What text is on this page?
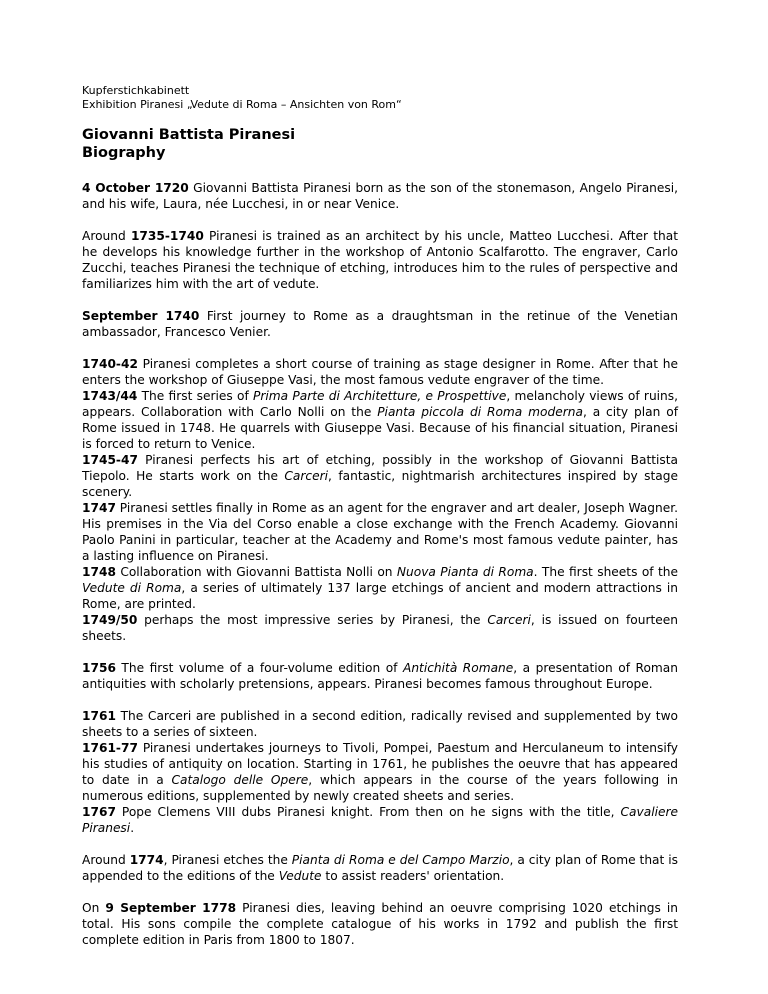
Kupferstichkabinett
Exhibition Piranesi „Vedute di Roma – Ansichten von Rom“
Giovanni Battista Piranesi
Biography

4 October 1720 Giovanni Battista Piranesi born as the son of the stonemason, Angelo Piranesi, and his wife, Laura, née Lucchesi, in or near Venice.

Around 1735-1740 Piranesi is trained as an architect by his uncle, Matteo Lucchesi. After that he develops his knowledge further in the workshop of Antonio Scalfarotto. The engraver, Carlo Zucchi, teaches Piranesi the technique of etching, introduces him to the rules of perspective and familiarizes him with the art of vedute.

September 1740 First journey to Rome as a draughtsman in the retinue of the Venetian ambassador, Francesco Venier.

1740-42 Piranesi completes a short course of training as stage designer in Rome. After that he enters the workshop of Giuseppe Vasi, the most famous vedute engraver of the time.

1743/44 The first series of Prima Parte di Architetture, e Prospettive, melancholy views of ruins, appears. Collaboration with Carlo Nolli on the Pianta piccola di Roma moderna, a city plan of Rome issued in 1748. He quarrels with Giuseppe Vasi. Because of his financial situation, Piranesi is forced to return to Venice.

1745-47 Piranesi perfects his art of etching, possibly in the workshop of Giovanni Battista Tiepolo. He starts work on the Carceri, fantastic, nightmarish architectures inspired by stage scenery.

1747 Piranesi settles finally in Rome as an agent for the engraver and art dealer, Joseph Wagner. His premises in the Via del Corso enable a close exchange with the French Academy. Giovanni Paolo Panini in particular, teacher at the Academy and Rome's most famous vedute painter, has a lasting influence on Piranesi.

1748 Collaboration with Giovanni Battista Nolli on Nuova Pianta di Roma. The first sheets of the Vedute di Roma, a series of ultimately 137 large etchings of ancient and modern attractions in Rome, are printed.

1749/50 perhaps the most impressive series by Piranesi, the Carceri, is issued on fourteen sheets.

1756 The first volume of a four-volume edition of Antichità Romane, a presentation of Roman antiquities with scholarly pretensions, appears. Piranesi becomes famous throughout Europe.

1761 The Carceri are published in a second edition, radically revised and supplemented by two sheets to a series of sixteen.

1761-77 Piranesi undertakes journeys to Tivoli, Pompei, Paestum and Herculaneum to intensify his studies of antiquity on location. Starting in 1761, he publishes the oeuvre that has appeared to date in a Catalogo delle Opere, which appears in the course of the years following in numerous editions, supplemented by newly created sheets and series.

1767 Pope Clemens VIII dubs Piranesi knight. From then on he signs with the title, Cavaliere Piranesi.

Around 1774, Piranesi etches the Pianta di Roma e del Campo Marzio, a city plan of Rome that is appended to the editions of the Vedute to assist readers' orientation.

On 9 September 1778 Piranesi dies, leaving behind an oeuvre comprising 1020 etchings in total. His sons compile the complete catalogue of his works in 1792 and publish the first complete edition in Paris from 1800 to 1807.
